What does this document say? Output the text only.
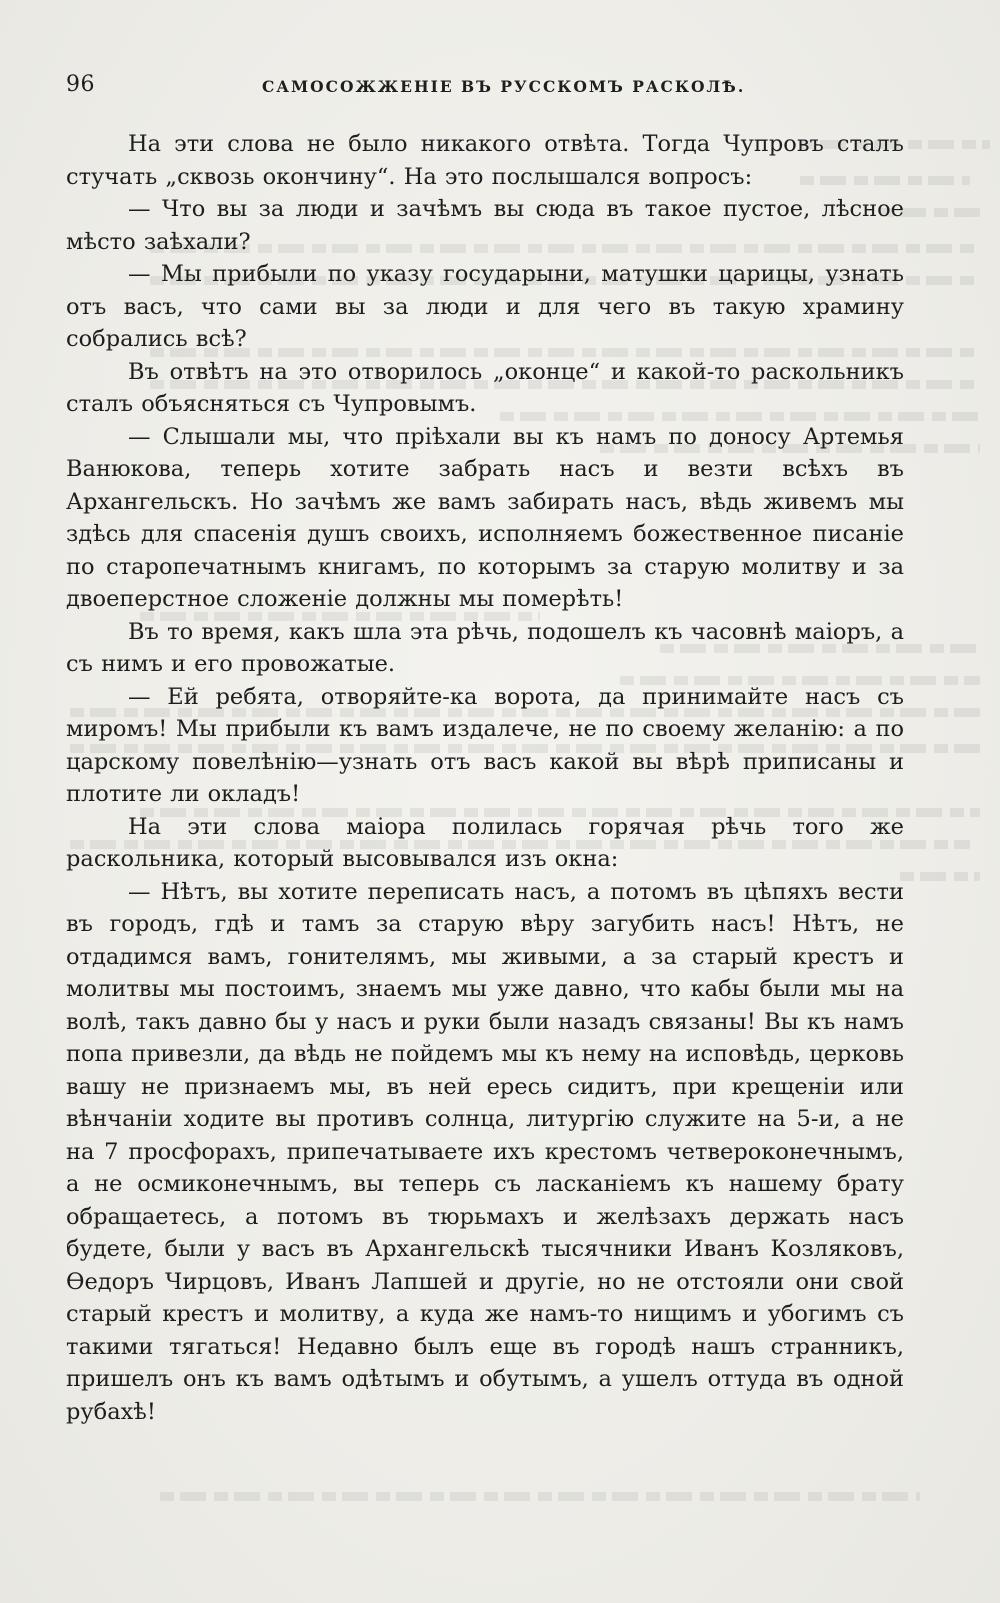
96	САМОСОЖЖЕНІЕ ВЪ РУССКОМЪ РАСКОЛѢ.

На эти слова не было никакого отвѣта. Тогда Чупровъ сталъ стучать „сквозь окончину“. На это послышался вопросъ:

— Что вы за люди и зачѣмъ вы сюда въ такое пустое, лѣсное мѣсто заѣхали?

— Мы прибыли по указу государыни, матушки царицы, узнать отъ васъ, что сами вы за люди и для чего въ такую храмину собрались всѣ?

Въ отвѣтъ на это отворилось „оконце“ и какой-то раскольникъ сталъ объясняться съ Чупровымъ.

— Слышали мы, что пріѣхали вы къ намъ по доносу Артемья Ванюкова, теперь хотите забрать насъ и везти всѣхъ въ Архангельскъ. Но зачѣмъ же вамъ забирать насъ, вѣдь живемъ мы здѣсь для спасенія душъ своихъ, исполняемъ божественное писаніе по старопечатнымъ книгамъ, по которымъ за старую молитву и за двоеперстное сложеніе должны мы померѣть!

Въ то время, какъ шла эта рѣчь, подошелъ къ часовнѣ маіоръ, а съ нимъ и его провожатые.

— Ей ребята, отворяйте-ка ворота, да принимайте насъ съ миромъ! Мы прибыли къ вамъ издалече, не по своему желанію: а по царскому повелѣнію—узнать отъ васъ какой вы вѣрѣ приписаны и плотите ли окладъ!

На эти слова маіора полилась горячая рѣчь того же раскольника, который высовывался изъ окна:

— Нѣтъ, вы хотите переписать насъ, а потомъ въ цѣпяхъ вести въ городъ, гдѣ и тамъ за старую вѣру загубить насъ! Нѣтъ, не отдадимся вамъ, гонителямъ, мы живыми, а за старый крестъ и молитвы мы постоимъ, знаемъ мы уже давно, что кабы были мы на волѣ, такъ давно бы у насъ и руки были назадъ связаны! Вы къ намъ попа привезли, да вѣдь не пойдемъ мы къ нему на исповѣдь, церковь вашу не признаемъ мы, въ ней ересь сидитъ, при крещеніи или вѣнчаніи ходите вы противъ солнца, литургію служите на 5-и, а не на 7 просфорахъ, припечатываете ихъ крестомъ четвероконечнымъ, а не осмиконечнымъ, вы теперь съ ласканіемъ къ нашему брату обращаетесь, а потомъ въ тюрьмахъ и желѣзахъ держать насъ будете, были у васъ въ Архангельскѣ тысячники Иванъ Козляковъ, Ѳедоръ Чирцовъ, Иванъ Лапшей и другіе, но не отстояли они свой старый крестъ и молитву, а куда же намъ-то нищимъ и убогимъ съ такими тягаться! Недавно былъ еще въ городѣ нашъ странникъ, пришелъ онъ къ вамъ одѣтымъ и обутымъ, а ушелъ оттуда въ одной рубахѣ!
